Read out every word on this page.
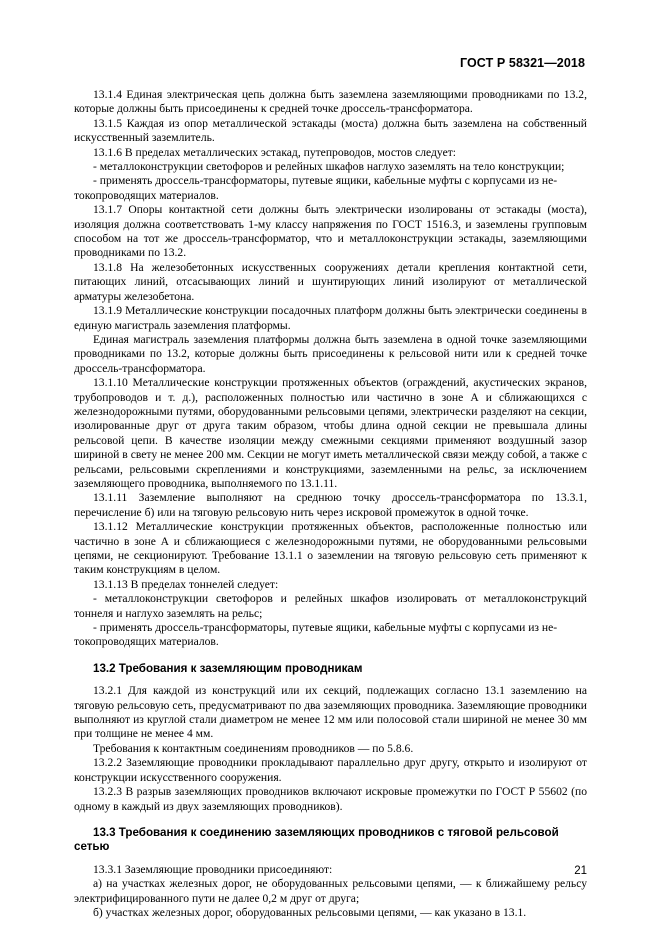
ГОСТ Р 58321—2018

13.1.4 Единая электрическая цепь должна быть заземлена заземляющими проводниками по 13.2, которые должны быть присоединены к средней точке дроссель-трансформатора.

13.1.5 Каждая из опор металлической эстакады (моста) должна быть заземлена на собственный искусственный заземлитель.

13.1.6 В пределах металлических эстакад, путепроводов, мостов следует:

- металлоконструкции светофоров и релейных шкафов наглухо заземлять на тело конструкции;

- применять дроссель-трансформаторы, путевые ящики, кабельные муфты с корпусами из не-

токопроводящих материалов.

13.1.7 Опоры контактной сети должны быть электрически изолированы от эстакады (моста), изоляция должна соответствовать 1-му классу напряжения по ГОСТ 1516.3, и заземлены групповым способом на тот же дроссель-трансформатор, что и металлоконструкции эстакады, заземляющими проводниками по 13.2.

13.1.8 На железобетонных искусственных сооружениях детали крепления контактной сети, питающих линий, отсасывающих линий и шунтирующих линий изолируют от металлической арматуры железобетона.

13.1.9 Металлические конструкции посадочных платформ должны быть электрически соединены в единую магистраль заземления платформы.

Единая магистраль заземления платформы должна быть заземлена в одной точке заземляющими проводниками по 13.2, которые должны быть присоединены к рельсовой нити или к средней точке дроссель-трансформатора.

13.1.10 Металлические конструкции протяженных объектов (ограждений, акустических экранов, трубопроводов и т. д.), расположенных полностью или частично в зоне А и сближающихся с железнодорожными путями, оборудованными рельсовыми цепями, электрически разделяют на секции, изолированные друг от друга таким образом, чтобы длина одной секции не превышала длины рельсовой цепи. В качестве изоляции между смежными секциями применяют воздушный зазор шириной в свету не менее 200 мм. Секции не могут иметь металлической связи между собой, а также с рельсами, рельсовыми скреплениями и конструкциями, заземленными на рельс, за исключением заземляющего проводника, выполняемого по 13.1.11.

13.1.11 Заземление выполняют на среднюю точку дроссель-трансформатора по 13.3.1, перечисление б) или на тяговую рельсовую нить через искровой промежуток в одной точке.

13.1.12 Металлические конструкции протяженных объектов, расположенные полностью или частично в зоне А и сближающиеся с железнодорожными путями, не оборудованными рельсовыми цепями, не секционируют. Требование 13.1.1 о заземлении на тяговую рельсовую сеть применяют к таким конструкциям в целом.

13.1.13 В пределах тоннелей следует:

- металлоконструкции светофоров и релейных шкафов изолировать от металлоконструкций тоннеля и наглухо заземлять на рельс;

- применять дроссель-трансформаторы, путевые ящики, кабельные муфты с корпусами из не-

токопроводящих материалов.

13.2 Требования к заземляющим проводникам

13.2.1 Для каждой из конструкций или их секций, подлежащих согласно 13.1 заземлению на тяговую рельсовую сеть, предусматривают по два заземляющих проводника. Заземляющие проводники выполняют из круглой стали диаметром не менее 12 мм или полосовой стали шириной не менее 30 мм при толщине не менее 4 мм.

Требования к контактным соединениям проводников — по 5.8.6.

13.2.2 Заземляющие проводники прокладывают параллельно друг другу, открыто и изолируют от конструкции искусственного сооружения.

13.2.3 В разрыв заземляющих проводников включают искровые промежутки по ГОСТ Р 55602 (по одному в каждый из двух заземляющих проводников).

13.3 Требования к соединению заземляющих проводников с тяговой рельсовой сетью

13.3.1 Заземляющие проводники присоединяют:

а) на участках железных дорог, не оборудованных рельсовыми цепями, — к ближайшему рельсу электрифицированного пути не далее 0,2 м друг от друга;

б) участках железных дорог, оборудованных рельсовыми цепями, — как указано в 13.1.

21
